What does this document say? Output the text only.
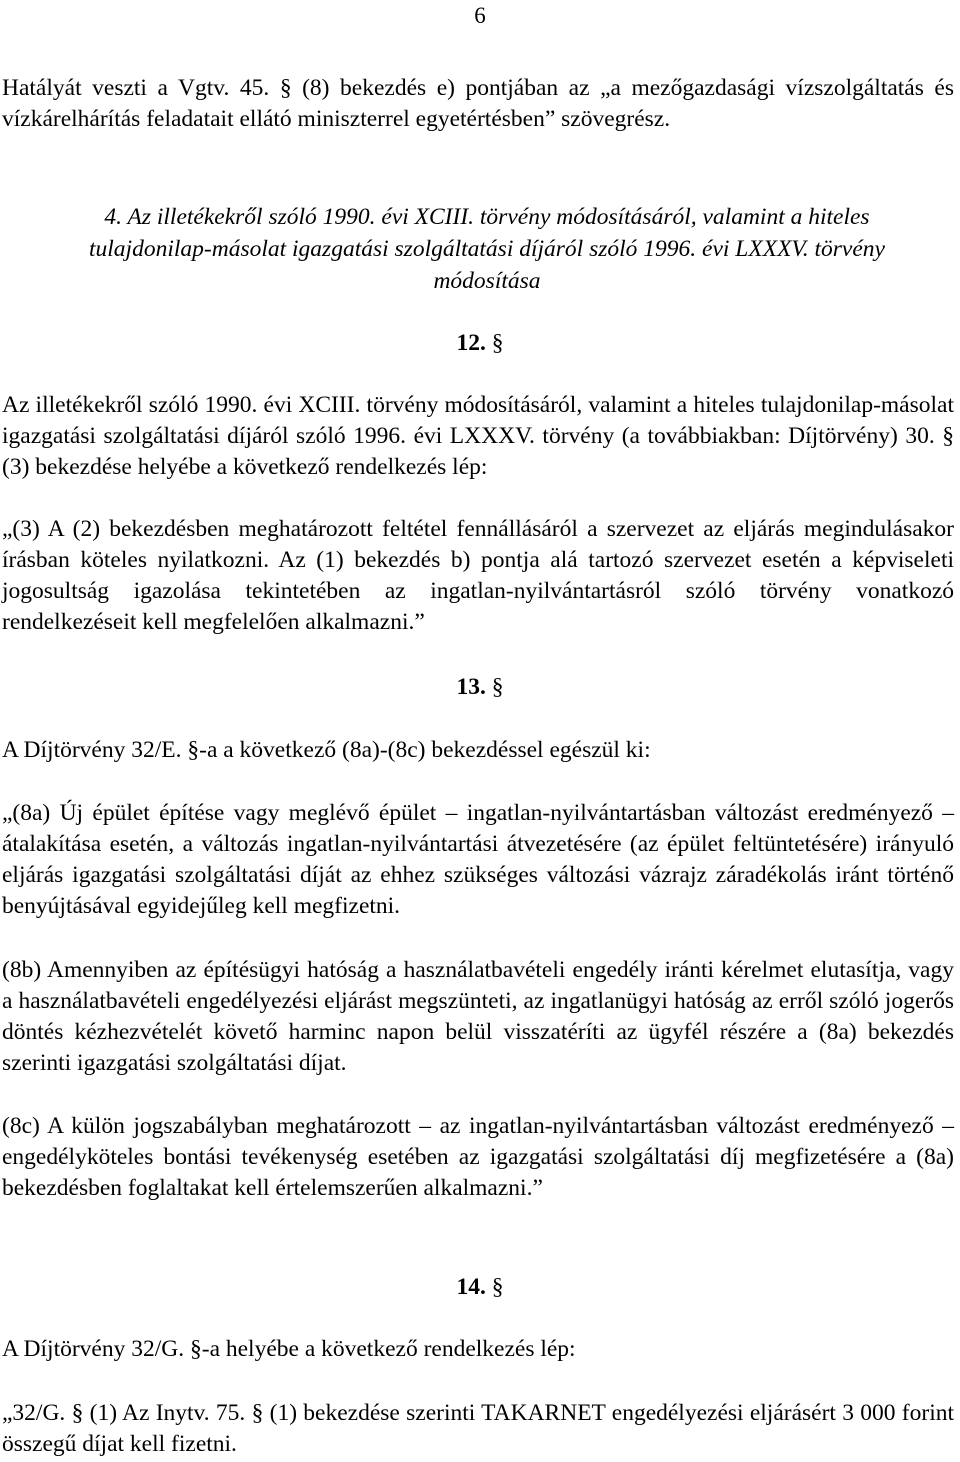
6

Hatályát veszti a Vgtv. 45. § (8) bekezdés e) pontjában az „a mezőgazdasági vízszolgáltatás és vízkárelhárítás feladatait ellátó miniszterrel egyetértésben” szövegrész.

4. Az illetékekről szóló 1990. évi XCIII. törvény módosításáról, valamint a hiteles tulajdonilap-másolat igazgatási szolgáltatási díjáról szóló 1996. évi LXXXV. törvény módosítása

12. §

Az illetékekről szóló 1990. évi XCIII. törvény módosításáról, valamint a hiteles tulajdonilap-másolat igazgatási szolgáltatási díjáról szóló 1996. évi LXXXV. törvény (a továbbiakban: Díjtörvény) 30. § (3) bekezdése helyébe a következő rendelkezés lép:

„(3) A (2) bekezdésben meghatározott feltétel fennállásáról a szervezet az eljárás megindulásakor írásban köteles nyilatkozni. Az (1) bekezdés b) pontja alá tartozó szervezet esetén a képviseleti jogosultság igazolása tekintetében az ingatlan-nyilvántartásról szóló törvény vonatkozó rendelkezéseit kell megfelelően alkalmazni.”

13. §

A Díjtörvény 32/E. §-a a következő (8a)-(8c) bekezdéssel egészül ki:

„(8a) Új épület építése vagy meglévő épület – ingatlan-nyilvántartásban változást eredményező – átalakítása esetén, a változás ingatlan-nyilvántartási átvezetésére (az épület feltüntetésére) irányuló eljárás igazgatási szolgáltatási díját az ehhez szükséges változási vázrajz záradékolás iránt történő benyújtásával egyidejűleg kell megfizetni.

(8b) Amennyiben az építésügyi hatóság a használatbavételi engedély iránti kérelmet elutasítja, vagy a használatbavételi engedélyezési eljárást megszünteti, az ingatlanügyi hatóság az erről szóló jogerős döntés kézhezvételét követő harminc napon belül visszatéríti az ügyfél részére a (8a) bekezdés szerinti igazgatási szolgáltatási díjat.

(8c) A külön jogszabályban meghatározott – az ingatlan-nyilvántartásban változást eredményező – engedélyköteles bontási tevékenység esetében az igazgatási szolgáltatási díj megfizetésére a (8a) bekezdésben foglaltakat kell értelemszerűen alkalmazni.”

14. §

A Díjtörvény 32/G. §-a helyébe a következő rendelkezés lép:

„32/G. § (1) Az Inytv. 75. § (1) bekezdése szerinti TAKARNET engedélyezési eljárásért 3 000 forint összegű díjat kell fizetni.
